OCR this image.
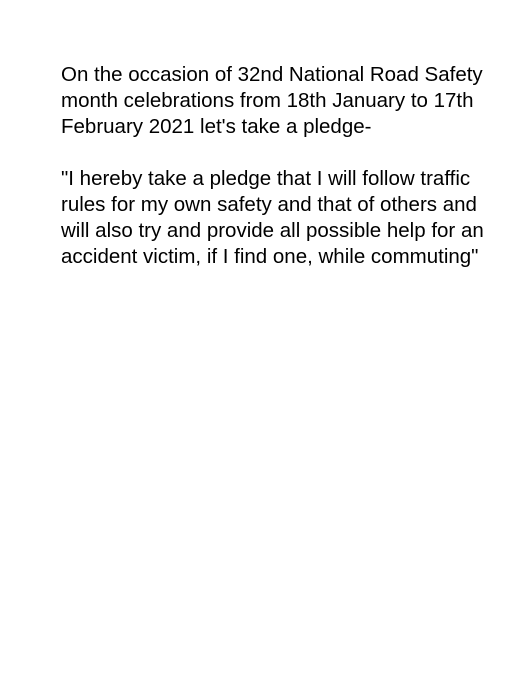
On the occasion of 32nd National Road Safety
month celebrations from 18th January to 17th
February 2021 let's take a pledge-
"I hereby take a pledge that I will follow traffic
rules for my own safety and that of others and
will also try and provide all possible help for an
accident victim, if I find one, while commuting"
